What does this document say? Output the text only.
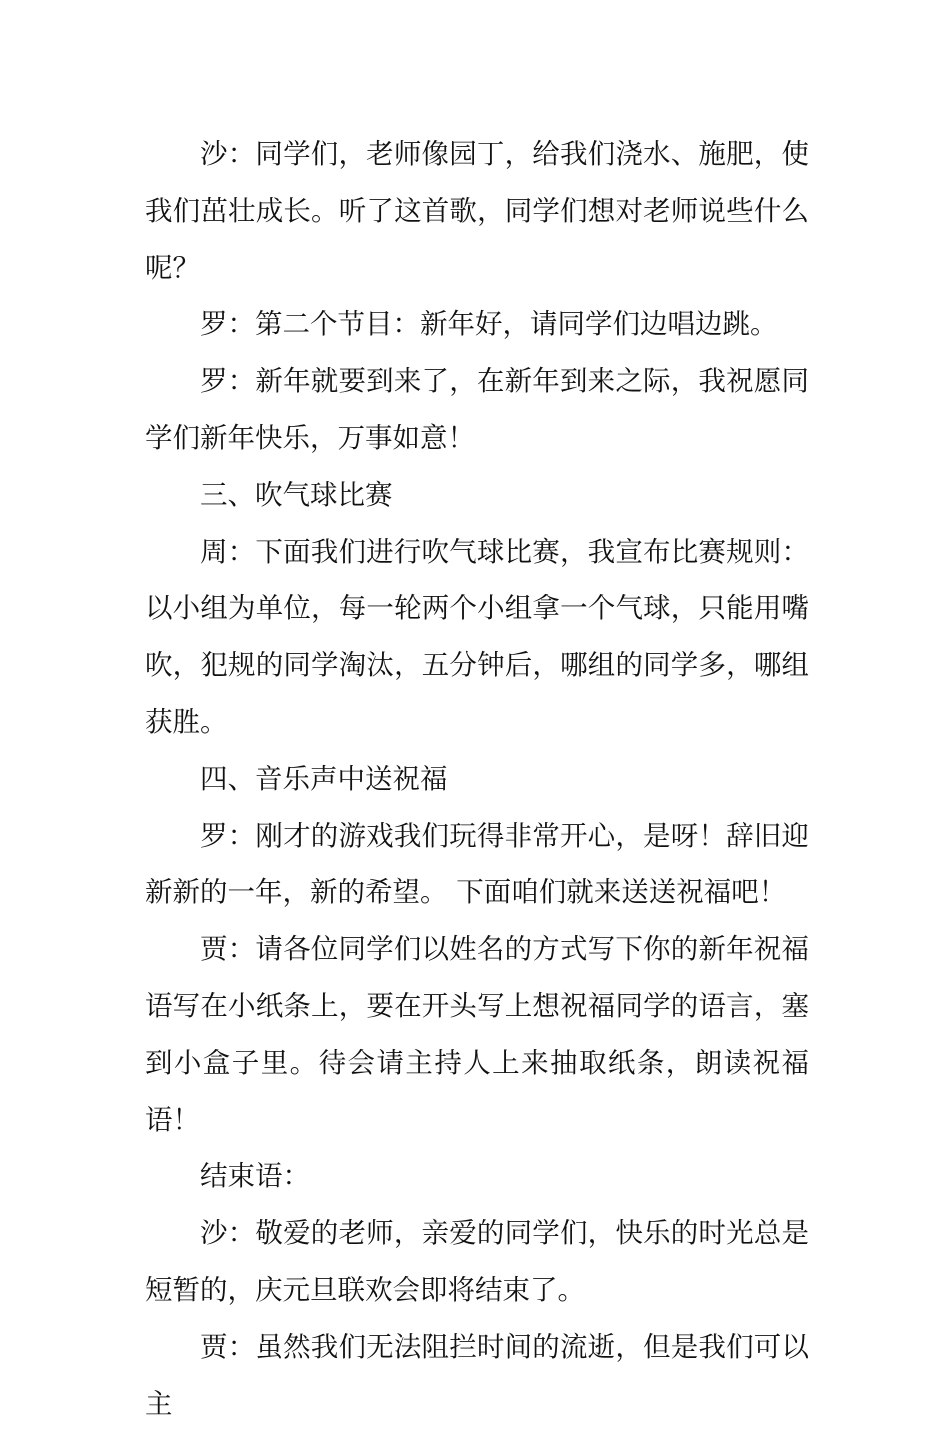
沙：同学们，老师像园丁，给我们浇水、施肥，使我们茁壮成长。听了这首歌，同学们想对老师说些什么呢？

罗：第二个节目：新年好，请同学们边唱边跳。

罗：新年就要到来了，在新年到来之际，我祝愿同学们新年快乐，万事如意！

三、吹气球比赛

周：下面我们进行吹气球比赛，我宣布比赛规则：以小组为单位，每一轮两个小组拿一个气球，只能用嘴吹，犯规的同学淘汰，五分钟后，哪组的同学多，哪组获胜。

四、音乐声中送祝福

罗：刚才的游戏我们玩得非常开心，是呀！辞旧迎新新的一年，新的希望。 下面咱们就来送送祝福吧！

贾：请各位同学们以姓名的方式写下你的新年祝福语写在小纸条上，要在开头写上想祝福同学的语言，塞到小盒子里。待会请主持人上来抽取纸条，朗读祝福语！

结束语：

沙：敬爱的老师，亲爱的同学们，快乐的时光总是短暂的，庆元旦联欢会即将结束了。

贾：虽然我们无法阻拦时间的流逝，但是我们可以主
